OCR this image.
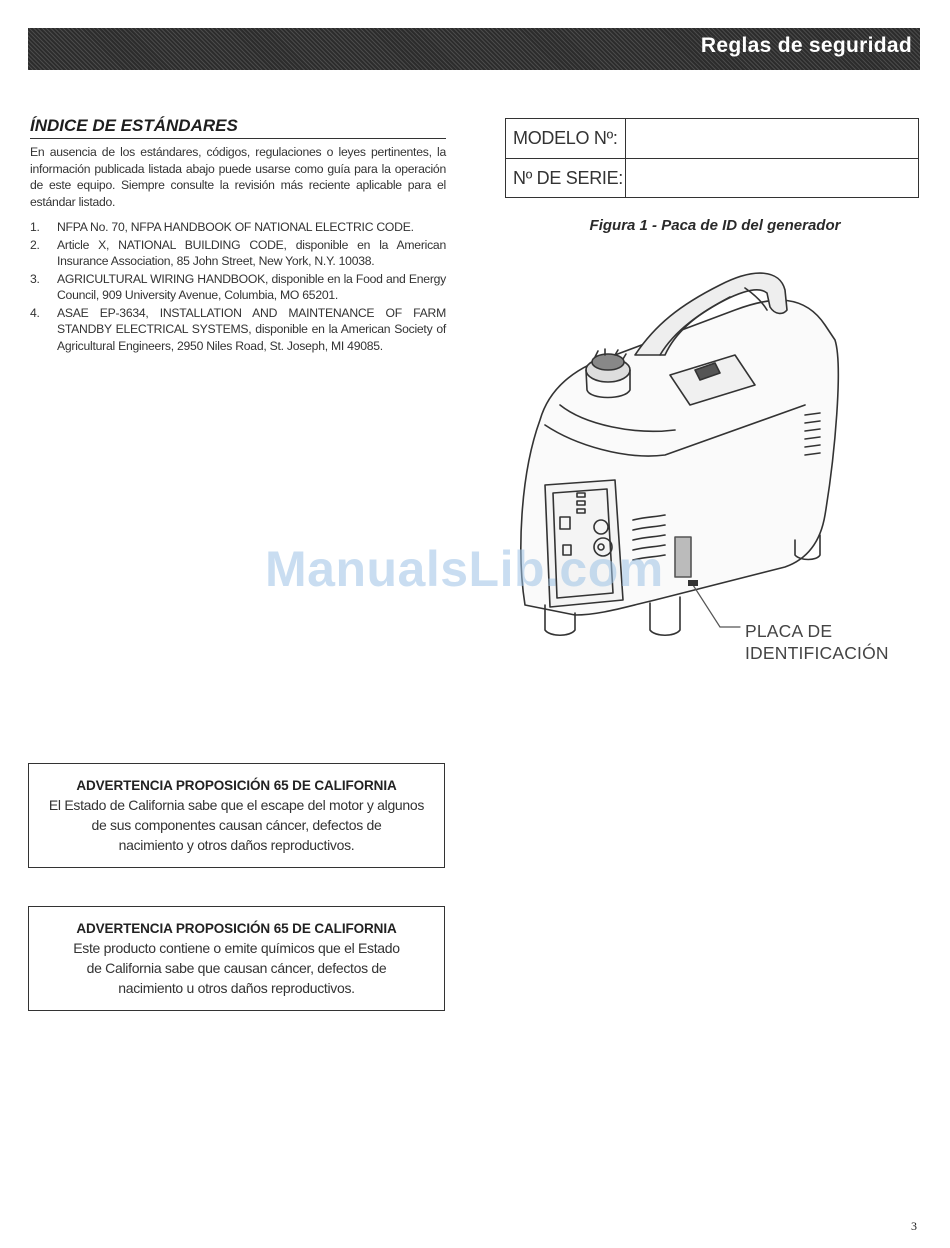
Reglas de seguridad
ÍNDICE DE ESTÁNDARES
En ausencia de los estándares, códigos, regulaciones o leyes pertinentes, la información publicada listada abajo puede usarse como guía para la operación de este equipo. Siempre consulte la revisión más reciente aplicable para el estándar listado.
1.	NFPA No. 70, NFPA HANDBOOK OF NATIONAL ELECTRIC CODE.
2.	Article X, NATIONAL BUILDING CODE, disponible en la American Insurance Association, 85 John Street, New York, N.Y. 10038.
3.	AGRICULTURAL WIRING HANDBOOK, disponible en la Food and Energy Council, 909 University Avenue, Columbia, MO 65201.
4.	ASAE EP-3634, INSTALLATION AND MAINTENANCE OF FARM STANDBY ELECTRICAL SYSTEMS, disponible en la American Society of Agricultural Engineers, 2950 Niles Road, St. Joseph, MI 49085.
MODELO Nº:
Nº DE SERIE:
Figura 1 - Paca de ID del generador
PLACA DE
IDENTIFICACIÓN
ManualsLib.com
ADVERTENCIA PROPOSICIÓN 65 DE CALIFORNIA
El Estado de California sabe que el escape del motor y algunos
de sus componentes causan cáncer, defectos de
nacimiento y otros daños reproductivos.
ADVERTENCIA PROPOSICIÓN 65 DE CALIFORNIA
Este producto contiene o emite químicos que el Estado
de California sabe que causan cáncer, defectos de
nacimiento u otros daños reproductivos.
3
